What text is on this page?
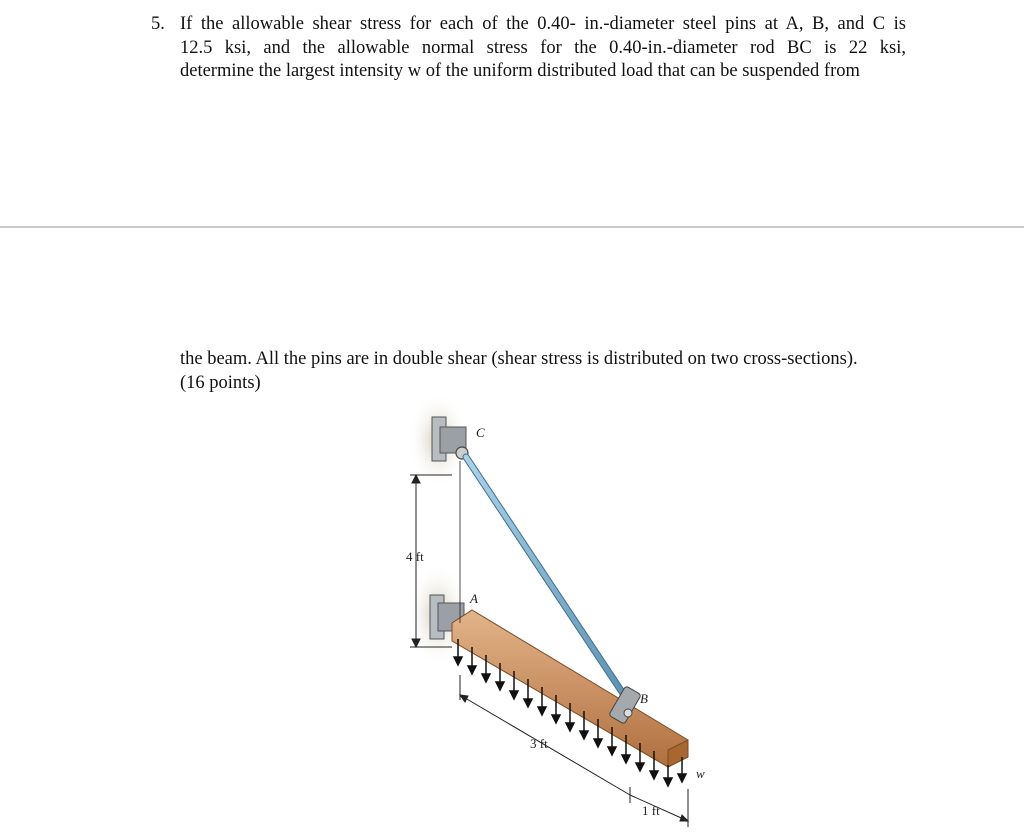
5. If the allowable shear stress for each of the 0.40- in.-diameter steel pins at A, B, and C is
12.5 ksi, and the allowable normal stress for the 0.40-in.-diameter rod BC is 22 ksi,
determine the largest intensity w of the uniform distributed load that can be suspended from
the beam. All the pins are in double shear (shear stress is distributed on two cross-sections).
(16 points)
4 ft
3 ft
1 ft
C
A
B
w
